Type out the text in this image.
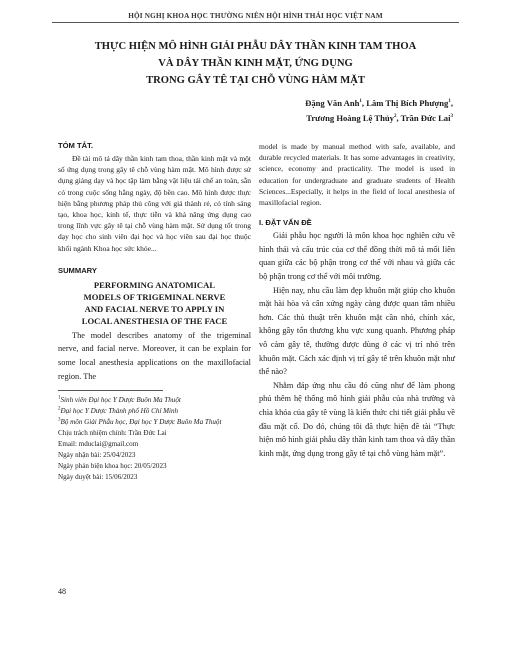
HỘI NGHỊ KHOA HỌC THƯỜNG NIÊN HỘI HÌNH THÁI HỌC VIỆT NAM
THỰC HIỆN MÔ HÌNH GIẢI PHẪU DÂY THẦN KINH TAM THOA
VÀ DÂY THẦN KINH MẶT, ỨNG DỤNG
TRONG GÂY TÊ TẠI CHỖ VÙNG HÀM MẶT
Đặng Văn Anh$^1$, Lâm Thị Bích Phượng$^1$,
Trương Hoàng Lệ Thủy$^2$, Trần Đức Lai$^3$
TÓM TẮT.
Đề tài mô tả dây thần kinh tam thoa, thần kinh mặt và một số ứng dụng trong gây tê chỗ vùng hàm mặt. Mô hình được sử dụng giảng dạy và học tập làm bằng vật liệu tái chế an toàn, sẵn có trong cuộc sống hằng ngày, độ bền cao. Mô hình được thực hiện bằng phương pháp thủ công với giá thành rẻ, có tính sáng tạo, khoa học, kinh tế, thực tiễn và khả năng ứng dụng cao trong lĩnh vực gây tê tại chỗ vùng hàm mặt. Sử dụng tốt trong dạy học cho sinh viên đại học và học viên sau đại học thuộc khối ngành Khoa học sức khỏe...
SUMMARY
PERFORMING ANATOMICAL
MODELS OF TRIGEMINAL NERVE
AND FACIAL NERVE TO APPLY IN
LOCAL ANESTHESIA OF THE FACE
The model describes anatomy of the trigeminal nerve, and facial nerve. Moreover, it can be explain for some local anesthesia applications on the maxillofacial region. The
$^1$Sinh viên Đại học Y Dược Buôn Ma Thuột
$^2$Đại học Y Dược Thành phố Hồ Chí Minh
$^3$Bộ môn Giải Phẫu học, Đại học Y Dược Buôn Ma Thuột
Chịu trách nhiệm chính: Trần Đức Lai
Email: mduclai@gmail.com
Ngày nhận bài: 25/04/2023
Ngày phản biện khoa học: 20/05/2023
Ngày duyệt bài: 15/06/2023
model is made by manual method with safe, available, and durable recycled materials. It has some advantages in creativity, science, economy and practicality. The model is used in education for undergraduate and graduate students of Health Sciences...Especially, it helps in the field of local anesthesia of maxillofacial region.
I. ĐẶT VẤN ĐỀ
Giải phẫu học người là môn khoa học nghiên cứu về hình thái và cấu trúc của cơ thể đồng thời mô tả mối liên quan giữa các bộ phận trong cơ thể với nhau và giữa các bộ phận trong cơ thể với môi trường.
Hiện nay, nhu cầu làm đẹp khuôn mặt giúp cho khuôn mặt hài hòa và cân xứng ngày càng được quan tâm nhiều hơn. Các thủ thuật trên khuôn mặt cần nhỏ, chính xác, không gây tổn thương khu vực xung quanh. Phương pháp vô cảm gây tê, thường được dùng ở các vị trí nhỏ trên khuôn mặt. Cách xác định vị trí gây tê trên khuôn mặt như thế nào?
Nhằm đáp ứng nhu cầu đó cũng như để làm phong phú thêm hệ thống mô hình giải phẫu của nhà trường và chìa khóa của gây tê vùng là kiến thức chi tiết giải phẫu về đầu mặt cổ. Do đó, chúng tôi đã thực hiện đề tài “Thực hiện mô hình giải phẫu dây thần kinh tam thoa và dây thần kinh mặt, ứng dụng trong gây tê tại chỗ vùng hàm mặt”.
48
